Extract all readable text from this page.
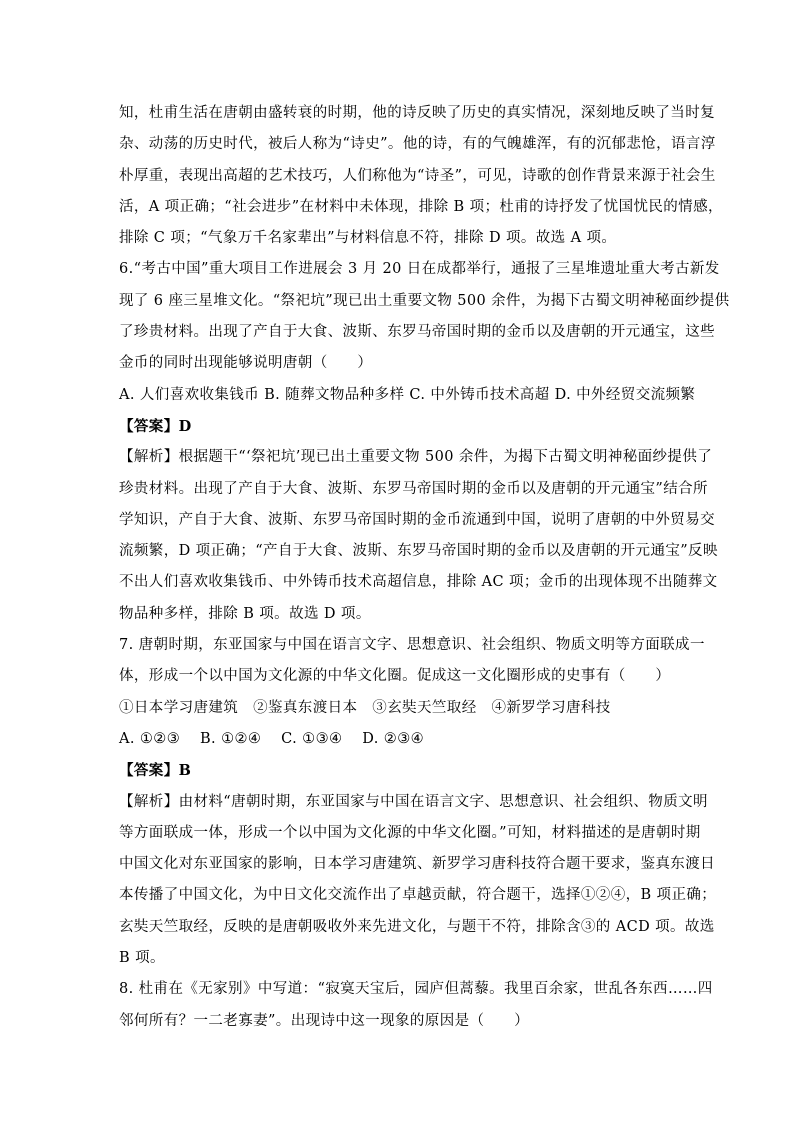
知，杜甫生活在唐朝由盛转衰的时期，他的诗反映了历史的真实情况，深刻地反映了当时复
杂、动荡的历史时代，被后人称为“诗史”。他的诗，有的气魄雄浑，有的沉郁悲怆，语言淳
朴厚重，表现出高超的艺术技巧，人们称他为“诗圣”，可见，诗歌的创作背景来源于社会生
活，A 项正确；“社会进步”在材料中未体现，排除 B 项；杜甫的诗抒发了忧国忧民的情感，
排除 C 项；“气象万千名家辈出”与材料信息不符，排除 D 项。故选 A 项。
6.“考古中国”重大项目工作进展会 3 月 20 日在成都举行，通报了三星堆遗址重大考古新发
现了 6 座三星堆文化。“祭祀坑”现已出土重要文物 500 余件，为揭下古蜀文明神秘面纱提供
了珍贵材料。出现了产自于大食、波斯、东罗马帝国时期的金币以及唐朝的开元通宝，这些
金币的同时出现能够说明唐朝（　　）
A. 人们喜欢收集钱币 B. 随葬文物品种多样 C. 中外铸币技术高超 D. 中外经贸交流频繁
【答案】D
【解析】根据题干“‘祭祀坑’现已出土重要文物 500 余件，为揭下古蜀文明神秘面纱提供了
珍贵材料。出现了产自于大食、波斯、东罗马帝国时期的金币以及唐朝的开元通宝”结合所
学知识，产自于大食、波斯、东罗马帝国时期的金币流通到中国，说明了唐朝的中外贸易交
流频繁，D 项正确；“产自于大食、波斯、东罗马帝国时期的金币以及唐朝的开元通宝”反映
不出人们喜欢收集钱币、中外铸币技术高超信息，排除 AC 项；金币的出现体现不出随葬文
物品种多样，排除 B 项。故选 D 项。
7. 唐朝时期，东亚国家与中国在语言文字、思想意识、社会组织、物质文明等方面联成一
体，形成一个以中国为文化源的中华文化圈。促成这一文化圈形成的史事有（　　）
①日本学习唐建筑　②鉴真东渡日本　③玄奘天竺取经　④新罗学习唐科技
A. ①②③　 B. ①②④　 C. ①③④　 D. ②③④
【答案】B
【解析】由材料“唐朝时期，东亚国家与中国在语言文字、思想意识、社会组织、物质文明
等方面联成一体，形成一个以中国为文化源的中华文化圈。”可知，材料描述的是唐朝时期
中国文化对东亚国家的影响，日本学习唐建筑、新罗学习唐科技符合题干要求，鉴真东渡日
本传播了中国文化，为中日文化交流作出了卓越贡献，符合题干，选择①②④，B 项正确；
玄奘天竺取经，反映的是唐朝吸收外来先进文化，与题干不符，排除含③的 ACD 项。故选
B 项。
8. 杜甫在《无家别》中写道：“寂寞天宝后，园庐但蒿藜。我里百余家，世乱各东西……四
邻何所有？一二老寡妻”。出现诗中这一现象的原因是（　　）
